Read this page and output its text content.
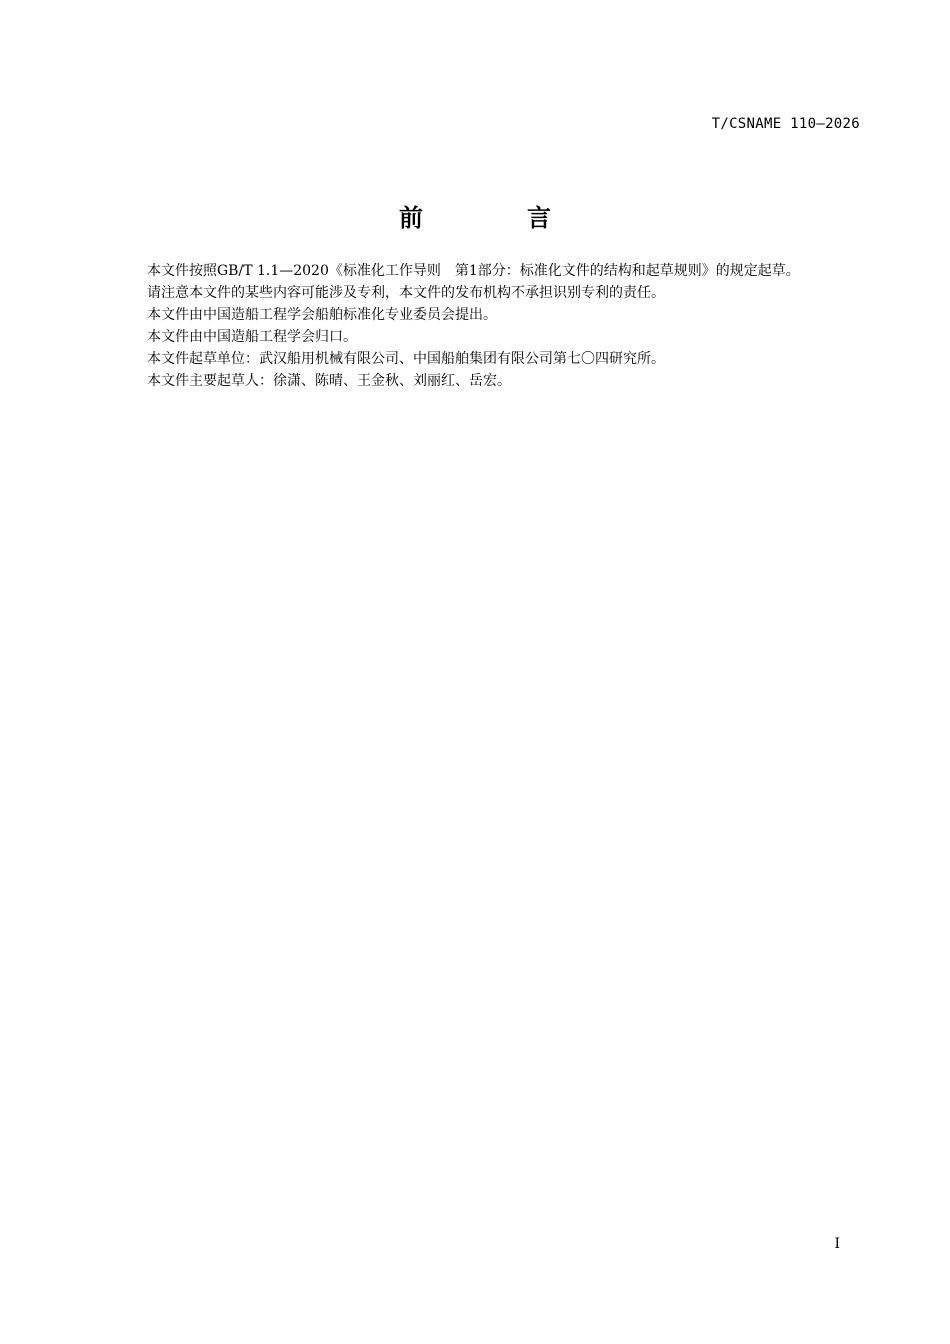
T/CSNAME 110—2026
前　言

本文件按照GB/T 1.1—2020《标准化工作导则　第1部分：标准化文件的结构和起草规则》的规定起草。

请注意本文件的某些内容可能涉及专利，本文件的发布机构不承担识别专利的责任。

本文件由中国造船工程学会船舶标准化专业委员会提出。

本文件由中国造船工程学会归口。

本文件起草单位：武汉船用机械有限公司、中国船舶集团有限公司第七〇四研究所。

本文件主要起草人：徐潇、陈晴、王金秋、刘丽红、岳宏。

I
